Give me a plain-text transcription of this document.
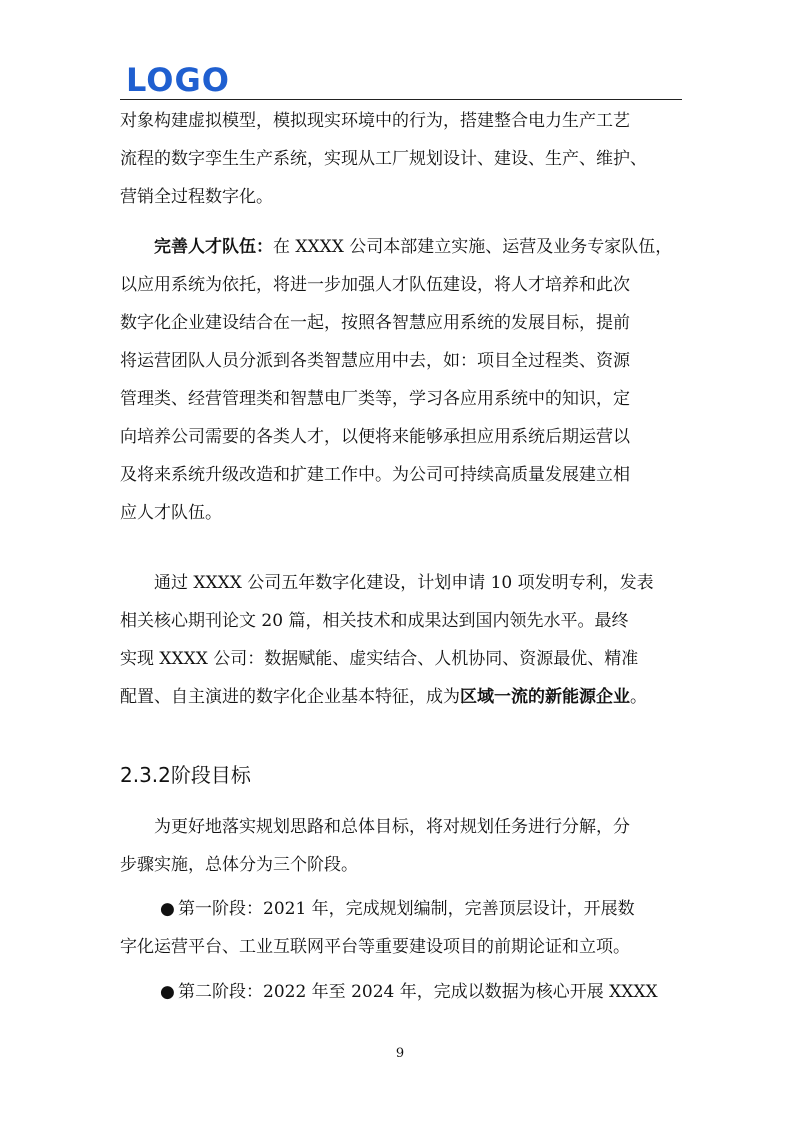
LOGO
对象构建虚拟模型，模拟现实环境中的行为，搭建整合电力生产工艺
流程的数字孪生生产系统，实现从工厂规划设计、建设、生产、维护、
营销全过程数字化。
完善人才队伍：在 XXXX 公司本部建立实施、运营及业务专家队伍，
以应用系统为依托，将进一步加强人才队伍建设，将人才培养和此次
数字化企业建设结合在一起，按照各智慧应用系统的发展目标，提前
将运营团队人员分派到各类智慧应用中去，如：项目全过程类、资源
管理类、经营管理类和智慧电厂类等，学习各应用系统中的知识，定
向培养公司需要的各类人才，以便将来能够承担应用系统后期运营以
及将来系统升级改造和扩建工作中。为公司可持续高质量发展建立相
应人才队伍。
通过 XXXX 公司五年数字化建设，计划申请 10 项发明专利，发表
相关核心期刊论文 20 篇，相关技术和成果达到国内领先水平。最终
实现 XXXX 公司：数据赋能、虚实结合、人机协同、资源最优、精准
配置、自主演进的数字化企业基本特征，成为区域一流的新能源企业。
2.3.2阶段目标
为更好地落实规划思路和总体目标，将对规划任务进行分解，分
步骤实施，总体分为三个阶段。
● 第一阶段：2021 年，完成规划编制，完善顶层设计，开展数
字化运营平台、工业互联网平台等重要建设项目的前期论证和立项。
● 第二阶段：2022 年至 2024 年，完成以数据为核心开展 XXXX
9
